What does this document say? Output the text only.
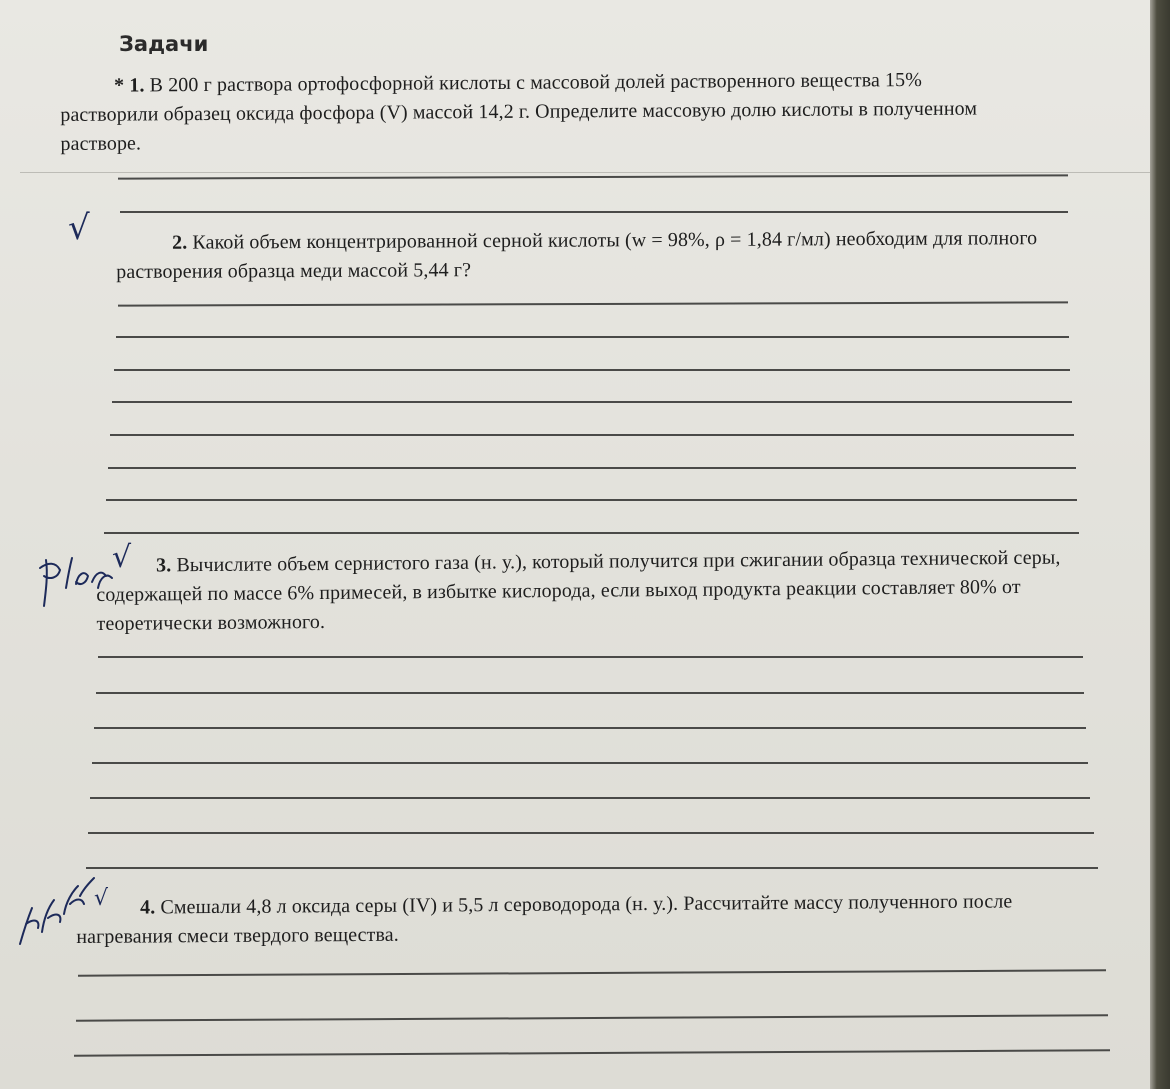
Задачи

* 1. В 200 г раствора ортофосфорной кислоты с массовой долей растворенного вещества 15% растворили образец оксида фосфора (V) массой 14,2 г. Определите массовую долю кислоты в полученном растворе.

√	2. Какой объем концентрированной серной кислоты (w = 98%, ρ = 1,84 г/мл) необходим для полного растворения образца меди массой 5,44 г?

√	3. Вычислите объем сернистого газа (н. у.), который получится при сжигании образца технической серы, содержащей по массе 6% примесей, в избытке кислорода, если выход продукта реакции составляет 80% от теоретически возможного.

√	4. Смешали 4,8 л оксида серы (IV) и 5,5 л сероводорода (н. у.). Рассчитайте массу полученного после нагревания смеси твердого вещества.
